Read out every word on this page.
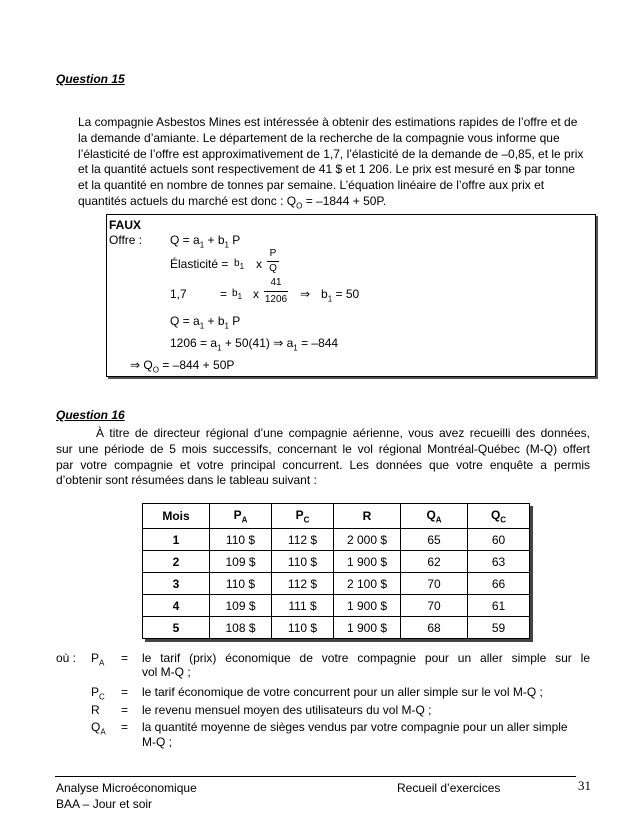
Question 15
La compagnie Asbestos Mines est intéressée à obtenir des estimations rapides de l’offre et de
la demande d’amiante. Le département de la recherche de la compagnie vous informe que
l’élasticité de l’offre est approximativement de 1,7, l’élasticité de la demande de –0,85, et le prix
et la quantité actuels sont respectivement de 41 $ et 1 206. Le prix est mesuré en $ par tonne
et la quantité en nombre de tonnes par semaine. L’équation linéaire de l’offre aux prix et
quantités actuels du marché est donc : $Q_O = -1844 + 50P$.
FAUX
Offre : $Q = a_1 + b_1$ P
Élasticité = $b_1$ x
P
Q
1,7	= $b_1$ x
41
1206 ⇒ $b_1 = 50$
$Q = a_1 + b_1$ P
$1206 = a_1 + 50(41)$ ⇒ $a_1 = -844$
⇒ $Q_O = -844 + 50P$
Question 16
À titre de directeur régional d’une compagnie aérienne, vous avez recueilli des données,
sur une période de 5 mois successifs, concernant le vol régional Montréal-Québec (M-Q) offert
par votre compagnie et votre principal concurrent. Les données que votre enquête a permis
d’obtenir sont résumées dans le tableau suivant :
Mois	$P_A$	$P_C$	R	$Q_A$	$Q_C$
1	110 $	112 $	2 000 $	65	60
2	109 $	110 $	1 900 $	62	63
3	110 $	112 $	2 100 $	70	66
4	109 $	111 $	1 900 $	70	61
5	108 $	110 $	1 900 $	68	59
où : $P_A$ = le tarif (prix) économique de votre compagnie pour un aller simple sur le
vol M-Q ;
$P_C$ = le tarif économique de votre concurrent pour un aller simple sur le vol M-Q ;
R = le revenu mensuel moyen des utilisateurs du vol M-Q ;
$Q_A$ = la quantité moyenne de sièges vendus par votre compagnie pour un aller simple
M-Q ;
Analyse Microéconomique
BAA – Jour et soir
Recueil d’exercices	31
